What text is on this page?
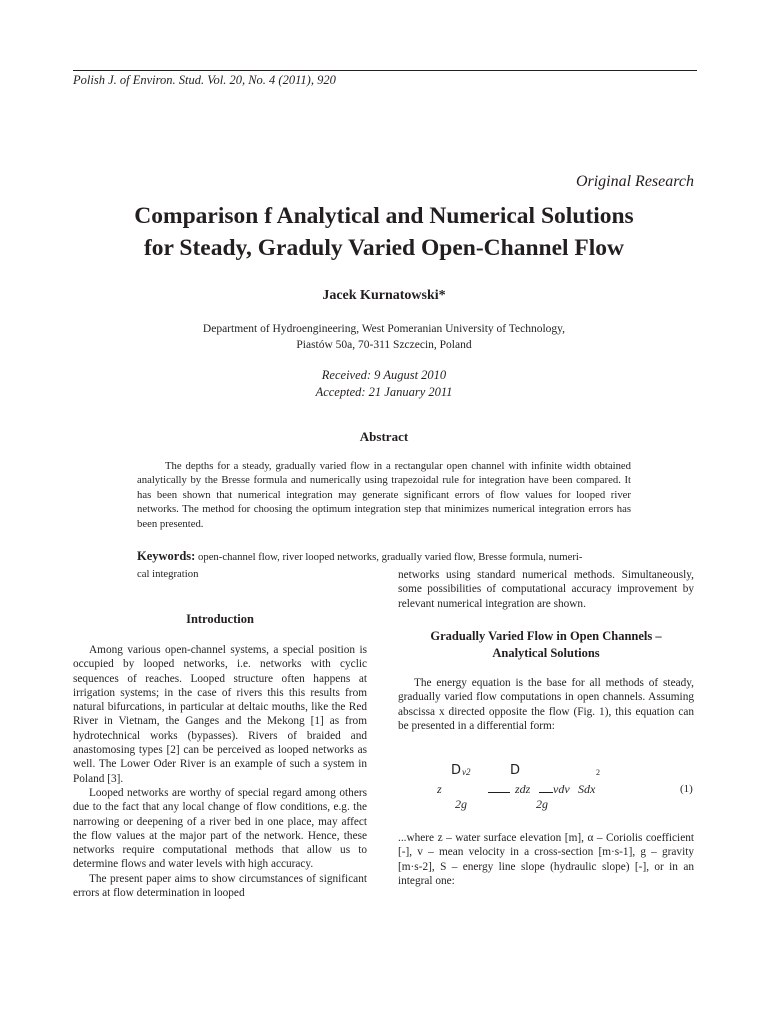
Polish J. of Environ. Stud. Vol. 20, No. 4 (2011), 920
Original Research
Comparison f Analytical and Numerical Solutions
for Steady, Graduly Varied Open-Channel Flow
Jacek Kurnatowski*
Department of Hydroengineering, West Pomeranian University of Technology,
Piastów 50a, 70-311 Szczecin, Poland
Received: 9 August 2010
Accepted: 21 January 2011
Abstract
The depths for a steady, gradually varied flow in a rectangular open channel with infinite width obtained analytically by the Bresse formula and numerically using trapezoidal rule for integration have been compared. It has been shown that numerical integration may generate significant errors of flow values for looped river networks. The method for choosing the optimum integration step that minimizes numerical integration errors has been presented.
Keywords: open-channel flow, river looped networks, gradually varied flow, Bresse formula, numeri-
cal integration
Introduction

Among various open-channel systems, a special position is occupied by looped networks, i.e. networks with cyclic sequences of reaches. Looped structure often happens at irrigation systems; in the case of rivers this this results from natural bifurcations, in particular at deltaic mouths, like the Red River in Vietnam, the Ganges and the Mekong [1] as from hydrotechnical works (bypasses). Rivers of braided and anastomosing types [2] can be perceived as looped networks as well. The Lower Oder River is an example of such a system in Poland [3].

Looped networks are worthy of special regard among others due to the fact that any local change of flow conditions, e.g. the narrowing or deepening of a river bed in one place, may affect the flow values at the major part of the network. Hence, these networks require computational methods that allow us to determine flows and water levels with high accuracy.

The present paper aims to show circumstances of significant errors at flow determination in looped

networks using standard numerical methods. Simultaneously, some possibilities of computational accuracy improvement by relevant numerical integration are shown.
Gradually Varied Flow in Open Channels –
Analytical Solutions

The energy equation is the base for all methods of steady, gradually varied flow computations in open channels. Assuming abscissa x directed opposite the flow (Fig. 1), this equation can be presented in a differential form:

D v2	D	2
z	zdz vdv Sdx
2g	2g
(1)
...where z – water surface elevation [m], α – Coriolis coefficient [-], v – mean velocity in a cross-section [m·s-1], g – gravity [m·s-2], S – energy line slope (hydraulic slope) [-], or in an integral one:
